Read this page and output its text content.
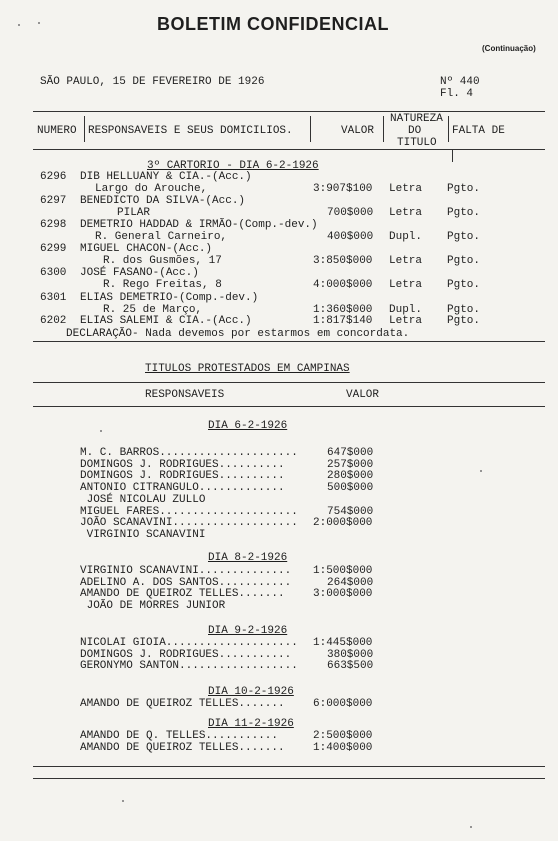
BOLETIM CONFIDENCIAL
(Continuação)
SÃO PAULO, 15 DE FEVEREIRO DE 1926	Nº 440
Fl. 4
NUMERO RESPONSAVEIS E SEUS DOMICILIOS.	VALOR
NATUREZA
DO
TITULO
FALTA DE
3º CARTORIO - DIA 6-2-1926
6296 DIB HELLUANY & CIA.-(Acc.)
Largo do Arouche,	3:907$100 Letra Pgto.
6297 BENEDICTO DA SILVA-(Acc.)
PILAR	700$000 Letra Pgto.
6298 DEMETRIO HADDAD & IRMÃO-(Comp.-dev.)
R. General Carneiro,	400$000 Dupl. Pgto.
6299 MIGUEL CHACON-(Acc.)
R. dos Gusmões, 17	3:850$000 Letra Pgto.
6300 JOSÉ FASANO-(Acc.)
R. Rego Freitas, 8	4:000$000 Letra Pgto.
6301 ELIAS DEMETRIO-(Comp.-dev.)
R. 25 de Março,	1:360$000 Dupl. Pgto.
6202 ELIAS SALEMI & CIA.-(Acc.)	1:817$140 Letra Pgto.
DECLARAÇÃO- Nada devemos por estarmos em concordata.
TITULOS PROTESTADOS EM CAMPINAS
RESPONSAVEIS	VALOR
DIA 6-2-1926
M. C. BARROS .....................	647$000
DOMINGOS J. RODRIGUES ..........	257$000
DOMINGOS J. RODRIGUES ..........	280$000
ANTONIO CITRANGULO .............	500$000
JOSÉ NICOLAU ZULLO
MIGUEL FARES .....................	754$000
JOÃO SCANAVINI ................... 2:000$000
VIRGINIO SCANAVINI
DIA 8-2-1926
VIRGINIO SCANAVINI .............. 1:500$000
ADELINO A. DOS SANTOS ...........	264$000
AMANDO DE QUEIROZ TELLES .......	3:000$000
JOÃO DE MORRES JUNIOR
DIA 9-2-1926
NICOLAI GIOIA .................... 1:445$000
DOMINGOS J. RODRIGUES ...........	380$000
GERONYMO SANTON ..................	663$500
DIA 10-2-1926
AMANDO DE QUEIROZ TELLES .......	6:000$000
DIA 11-2-1926
AMANDO DE Q. TELLES ...........	2:500$000
AMANDO DE QUEIROZ TELLES .......	1:400$000
